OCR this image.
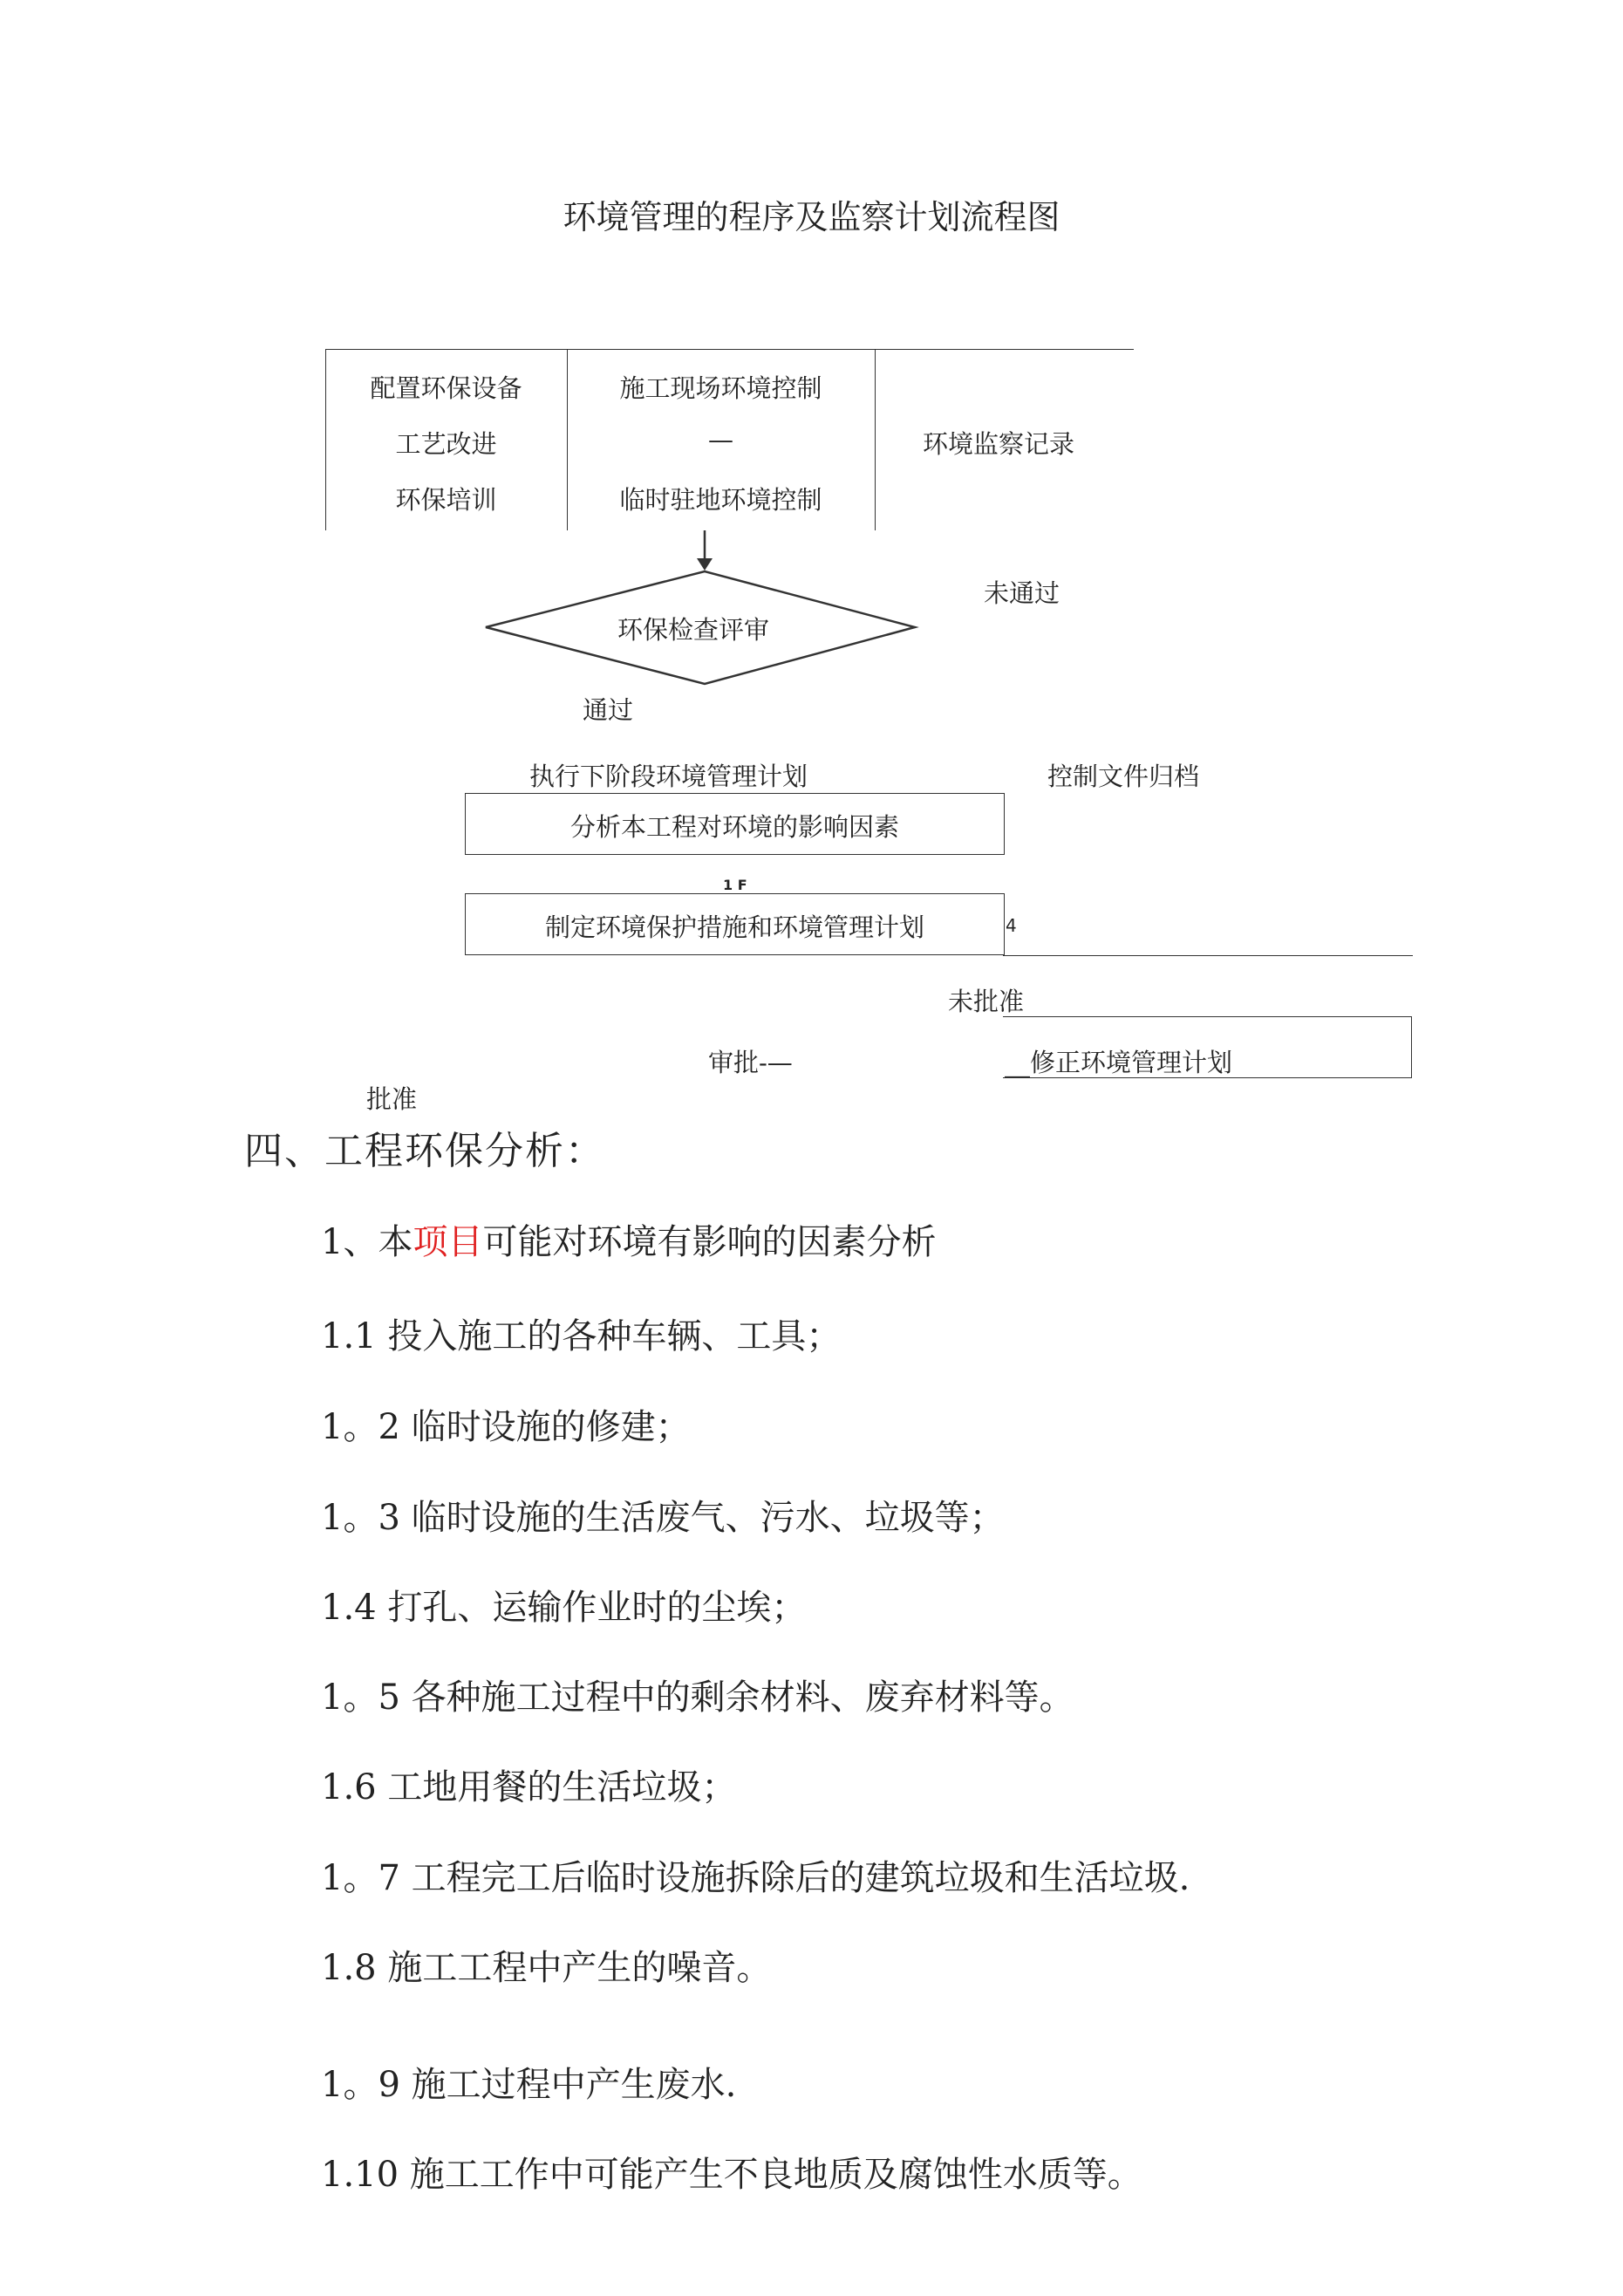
环境管理的程序及监察计划流程图
配置环保设备
工艺改进
环保培训
施工现场环境控制
—
临时驻地环境控制
环境监察记录
环保检查评审
未通过
通过
执行下阶段环境管理计划	控制文件归档
分析本工程对环境的影响因素
1 F
制定环境保护措施和环境管理计划	4
未批准
审批-—	__修正环境管理计划
批准
四、工程环保分析：
1、本项目可能对环境有影响的因素分析
1.1 投入施工的各种车辆、工具；
1。2 临时设施的修建；
1。3 临时设施的生活废气、污水、垃圾等；
1.4 打孔、运输作业时的尘埃；
1。5 各种施工过程中的剩余材料、废弃材料等。
1.6 工地用餐的生活垃圾；
1。7 工程完工后临时设施拆除后的建筑垃圾和生活垃圾.
1.8 施工工程中产生的噪音。
1。9 施工过程中产生废水.
1.10 施工工作中可能产生不良地质及腐蚀性水质等。
